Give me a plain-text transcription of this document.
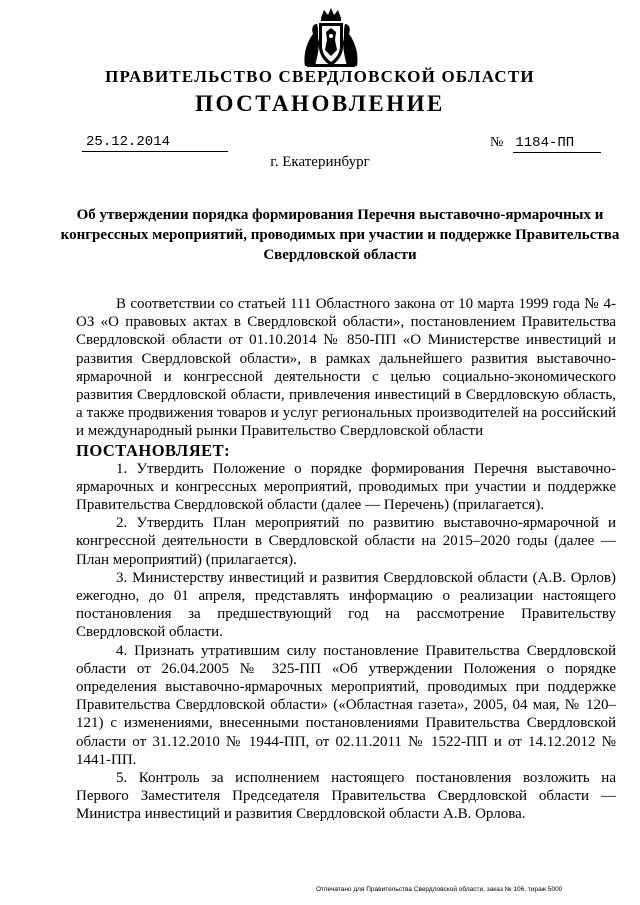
ПРАВИТЕЛЬСТВО СВЕРДЛОВСКОЙ ОБЛАСТИ
ПОСТАНОВЛЕНИЕ
25.12.2014	№ 1184-ПП
г. Екатеринбург
Об утверждении порядка формирования Перечня выставочно-ярмарочных и конгрессных мероприятий, проводимых при участии и поддержке Правительства Свердловской области

В соответствии со статьей 111 Областного закона от 10 марта 1999 года № 4-ОЗ «О правовых актах в Свердловской области», постановлением Правительства Свердловской области от 01.10.2014 № 850-ПП «О Министерстве инвестиций и развития Свердловской области», в рамках дальнейшего развития выставочно-ярмарочной и конгрессной деятельности с целью социально-экономического развития Свердловской области, привлечения инвестиций в Свердловскую область, а также продвижения товаров и услуг региональных производителей на российский и международный рынки Правительство Свердловской области

ПОСТАНОВЛЯЕТ:

1. Утвердить Положение о порядке формирования Перечня выставочно-ярмарочных и конгрессных мероприятий, проводимых при участии и поддержке Правительства Свердловской области (далее — Перечень) (прилагается).

2. Утвердить План мероприятий по развитию выставочно-ярмарочной и конгрессной деятельности в Свердловской области на 2015–2020 годы (далее — План мероприятий) (прилагается).

3. Министерству инвестиций и развития Свердловской области (А.В. Орлов) ежегодно, до 01 апреля, представлять информацию о реализации настоящего постановления за предшествующий год на рассмотрение Правительству Свердловской области.

4. Признать утратившим силу постановление Правительства Свердловской области от 26.04.2005 № 325-ПП «Об утверждении Положения о порядке определения выставочно-ярмарочных мероприятий, проводимых при поддержке Правительства Свердловской области» («Областная газета», 2005, 04 мая, № 120–121) с изменениями, внесенными постановлениями Правительства Свердловской области от 31.12.2010 № 1944-ПП, от 02.11.2011 № 1522-ПП и от 14.12.2012 № 1441-ПП.

5. Контроль за исполнением настоящего постановления возложить на Первого Заместителя Председателя Правительства Свердловской области — Министра инвестиций и развития Свердловской области А.В. Орлова.

Отпечатано для Правительства Свердловской области, заказ № 106, тираж 5000
